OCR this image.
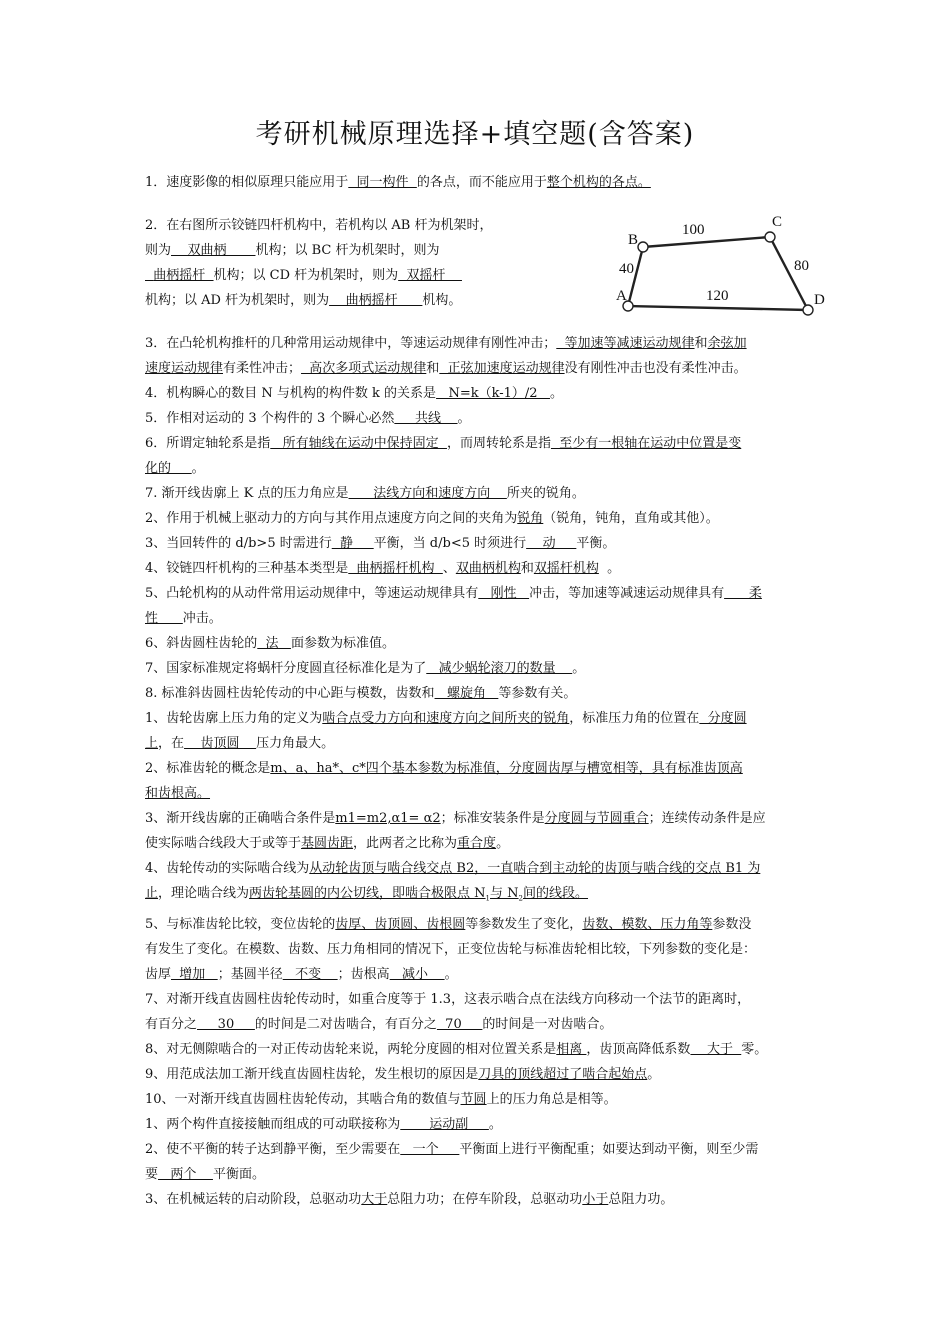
考研机械原理选择+填空题(含答案)
B
C
A	D
100
40	80
120
1．速度影像的相似原理只能应用于  同一构件  的各点，而不能应用于整个机构的各点。
2．在右图所示铰链四杆机构中，若机构以 AB 杆为机架时，
则为    双曲柄       机构；以 BC 杆为机架时，则为
曲柄摇杆  机构；以 CD 杆为机架时，则为  双摇杆
机构；以 AD 杆为机架时，则为    曲柄摇杆      机构。
3．在凸轮机构推杆的几种常用运动规律中，等速运动规律有刚性冲击；  等加速等减速运动规律和余弦加
速度运动规律有柔性冲击；  高次多项式运动规律和  正弦加速度运动规律没有刚性冲击也没有柔性冲击。
4．机构瞬心的数目 N 与机构的构件数 k 的关系是   N=k（k-1）/2   。
5．作相对运动的 3 个构件的 3 个瞬心必然     共线    。
6．所谓定轴轮系是指   所有轴线在运动中保持固定  ，而周转轮系是指  至少有一根轴在运动中位置是变
化的     。
7. 渐开线齿廓上 K 点的压力角应是      法线方向和速度方向    所夹的锐角。
2、作用于机械上驱动力的方向与其作用点速度方向之间的夹角为锐角（锐角，钝角，直角或其他）。
3、当回转件的 d/b>5 时需进行  静     平衡，当 d/b<5 时须进行    动     平衡。
4、铰链四杆机构的三种基本类型是  曲柄摇杆机构  、双曲柄机构和双摇杆机构  。
5、凸轮机构的从动件常用运动规律中，等速运动规律具有   刚性   冲击，等加速等减速运动规律具有      柔
性      冲击。
6、斜齿圆柱齿轮的  法   面参数为标准值。
7、国家标准规定将蜗杆分度圆直径标准化是为了   减少蜗轮滚刀的数量    。
8. 标准斜齿圆柱齿轮传动的中心距与模数，齿数和   螺旋角   等参数有关。
1、齿轮齿廓上压力角的定义为啮合点受力方向和速度方向之间所夹的锐角，标准压力角的位置在  分度圆
上，在    齿顶圆    压力角最大。
2、标准齿轮的概念是m、a、ha*、c*四个基本参数为标准值，分度圆齿厚与槽宽相等，具有标准齿顶高
和齿根高。
3、渐开线齿廓的正确啮合条件是m1=m2,α1= α2；标准安装条件是分度圆与节圆重合；连续传动条件是应
使实际啮合线段大于或等于基圆齿距，此两者之比称为重合度。
4、齿轮传动的实际啮合线为从动轮齿顶与啮合线交点 B2，一直啮合到主动轮的齿顶与啮合线的交点 B1 为
止，理论啮合线为两齿轮基圆的内公切线，即啮合极限点 $N_1$与 $N_2$间的线段。
5、与标准齿轮比较，变位齿轮的齿厚、齿顶圆、齿根圆等参数发生了变化，齿数、模数、压力角等参数没
有发生了变化。在模数、齿数、压力角相同的情况下，正变位齿轮与标准齿轮相比较，下列参数的变化是：
齿厚  增加   ；基圆半径   不变    ；齿根高   减小    。
7、对渐开线直齿圆柱齿轮传动时，如重合度等于 1.3，这表示啮合点在法线方向移动一个法节的距离时，
有百分之     30     的时间是二对齿啮合，有百分之  70     的时间是一对齿啮合。
8、对无侧隙啮合的一对正传动齿轮来说，两轮分度圆的相对位置关系是相离 ，齿顶高降低系数    大于  零。
9、用范成法加工渐开线直齿圆柱齿轮，发生根切的原因是刀具的顶线超过了啮合起始点。
10、一对渐开线直齿圆柱齿轮传动，其啮合角的数值与节圆上的压力角总是相等。
1、两个构件直接接触而组成的可动联接称为       运动副     。
2、使不平衡的转子达到静平衡，至少需要在   一个     平衡面上进行平衡配重；如要达到动平衡，则至少需
要   两个    平衡面。
3、在机械运转的启动阶段，总驱动功大于总阻力功；在停车阶段，总驱动功小于总阻力功。
